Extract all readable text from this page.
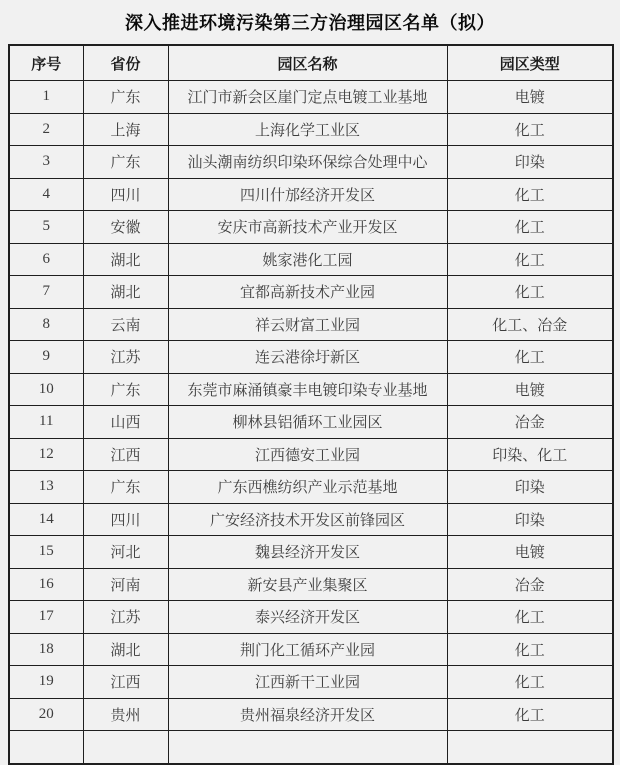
深入推进环境污染第三方治理园区名单（拟）
序号	省份	园区名称	园区类型
1	广东	江门市新会区崖门定点电镀工业基地	电镀
2	上海	上海化学工业区	化工
3	广东	汕头潮南纺织印染环保综合处理中心	印染
4	四川	四川什邡经济开发区	化工
5	安徽	安庆市高新技术产业开发区	化工
6	湖北	姚家港化工园	化工
7	湖北	宜都高新技术产业园	化工
8	云南	祥云财富工业园	化工、冶金
9	江苏	连云港徐圩新区	化工
10	广东	东莞市麻涌镇豪丰电镀印染专业基地	电镀
11	山西	柳林县铝循环工业园区	冶金
12	江西	江西德安工业园	印染、化工
13	广东	广东西樵纺织产业示范基地	印染
14	四川	广安经济技术开发区前锋园区	印染
15	河北	魏县经济开发区	电镀
16	河南	新安县产业集聚区	冶金
17	江苏	泰兴经济开发区	化工
18	湖北	荆门化工循环产业园	化工
19	江西	江西新干工业园	化工
20	贵州	贵州福泉经济开发区	化工
